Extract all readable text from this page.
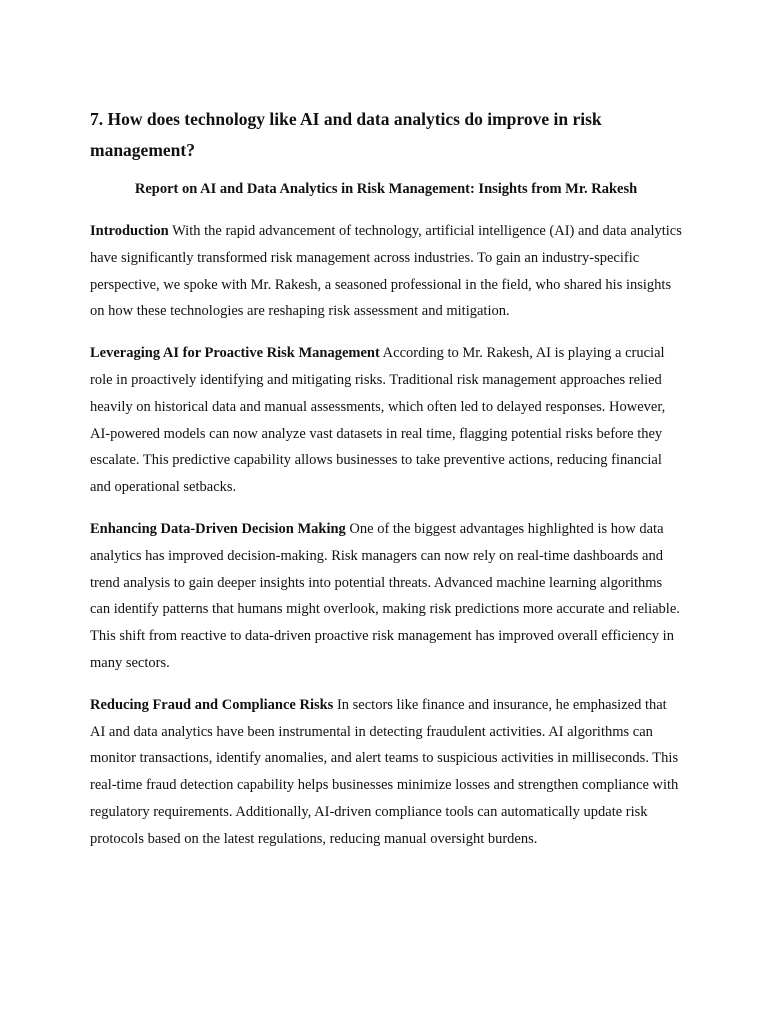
7. How does technology like AI and data analytics do improve in risk management?
Report on AI and Data Analytics in Risk Management: Insights from Mr. Rakesh

Introduction With the rapid advancement of technology, artificial intelligence (AI) and data analytics have significantly transformed risk management across industries. To gain an industry-specific perspective, we spoke with Mr. Rakesh, a seasoned professional in the field, who shared his insights on how these technologies are reshaping risk assessment and mitigation.

Leveraging AI for Proactive Risk Management According to Mr. Rakesh, AI is playing a crucial role in proactively identifying and mitigating risks. Traditional risk management approaches relied heavily on historical data and manual assessments, which often led to delayed responses. However, AI-powered models can now analyze vast datasets in real time, flagging potential risks before they escalate. This predictive capability allows businesses to take preventive actions, reducing financial and operational setbacks.

Enhancing Data-Driven Decision Making One of the biggest advantages highlighted is how data analytics has improved decision-making. Risk managers can now rely on real-time dashboards and trend analysis to gain deeper insights into potential threats. Advanced machine learning algorithms can identify patterns that humans might overlook, making risk predictions more accurate and reliable. This shift from reactive to data-driven proactive risk management has improved overall efficiency in many sectors.

Reducing Fraud and Compliance Risks In sectors like finance and insurance, he emphasized that AI and data analytics have been instrumental in detecting fraudulent activities. AI algorithms can monitor transactions, identify anomalies, and alert teams to suspicious activities in milliseconds. This real-time fraud detection capability helps businesses minimize losses and strengthen compliance with regulatory requirements. Additionally, AI-driven compliance tools can automatically update risk protocols based on the latest regulations, reducing manual oversight burdens.
